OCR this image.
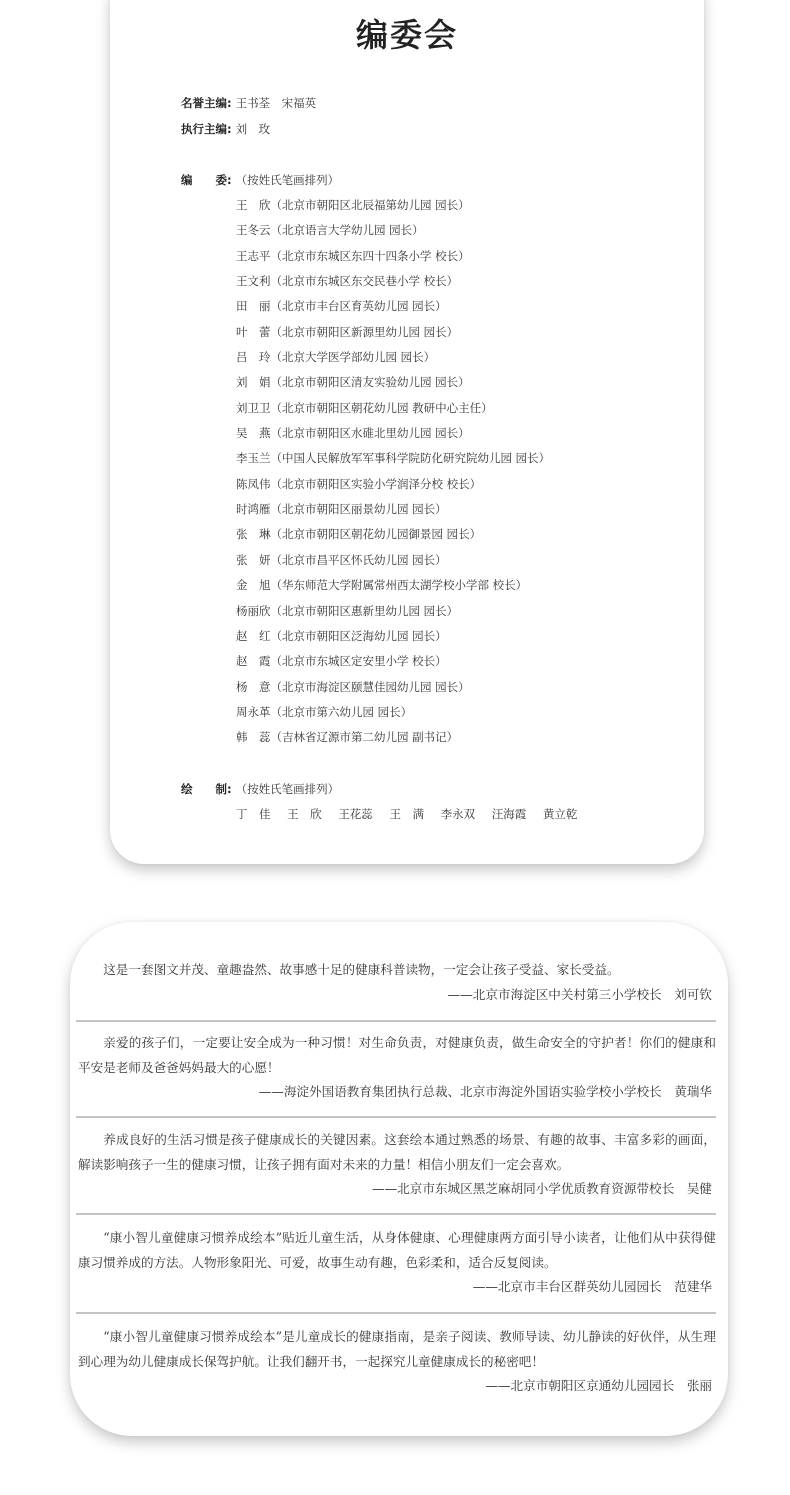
编委会
名誉主编: 王书荃　宋福英
执行主编: 刘　玫
编　　委: （按姓氏笔画排列）
王　欣（北京市朝阳区北辰福第幼儿园 园长）
王冬云（北京语言大学幼儿园 园长）
王志平（北京市东城区东四十四条小学 校长）
王文利（北京市东城区东交民巷小学 校长）
田　丽（北京市丰台区育英幼儿园 园长）
叶　蕾（北京市朝阳区新源里幼儿园 园长）
吕　玲（北京大学医学部幼儿园 园长）
刘　娟（北京市朝阳区清友实验幼儿园 园长）
刘卫卫（北京市朝阳区朝花幼儿园 教研中心主任）
吴　燕（北京市朝阳区水碓北里幼儿园 园长）
李玉兰（中国人民解放军军事科学院防化研究院幼儿园 园长）
陈凤伟（北京市朝阳区实验小学润泽分校 校长）
时鸿雁（北京市朝阳区丽景幼儿园 园长）
张　琳（北京市朝阳区朝花幼儿园御景园 园长）
张　妍（北京市昌平区怀氏幼儿园 园长）
金　旭（华东师范大学附属常州西太湖学校小学部 校长）
杨丽欣（北京市朝阳区惠新里幼儿园 园长）
赵　红（北京市朝阳区泛海幼儿园 园长）
赵　霞（北京市东城区定安里小学 校长）
杨　意（北京市海淀区颐慧佳园幼儿园 园长）
周永革（北京市第六幼儿园 园长）
韩　蕊（吉林省辽源市第二幼儿园 副书记）
绘　　制: （按姓氏笔画排列）
丁　佳 王　欣 王花蕊 王　满 李永双 汪海霞 黄立乾

这是一套图文并茂、童趣盎然、故事感十足的健康科普读物，一定会让孩子受益、家长受益。

——北京市海淀区中关村第三小学校长　刘可钦

亲爱的孩子们，一定要让安全成为一种习惯！对生命负责，对健康负责，做生命安全的守护者！你们的健康和平安是老师及爸爸妈妈最大的心愿！

——海淀外国语教育集团执行总裁、北京市海淀外国语实验学校小学校长　黄瑞华

养成良好的生活习惯是孩子健康成长的关键因素。这套绘本通过熟悉的场景、有趣的故事、丰富多彩的画面，解读影响孩子一生的健康习惯，让孩子拥有面对未来的力量！相信小朋友们一定会喜欢。

——北京市东城区黑芝麻胡同小学优质教育资源带校长　吴健

“康小智儿童健康习惯养成绘本”贴近儿童生活，从身体健康、心理健康两方面引导小读者，让他们从中获得健康习惯养成的方法。人物形象阳光、可爱，故事生动有趣，色彩柔和，适合反复阅读。

——北京市丰台区群英幼儿园园长　范建华

“康小智儿童健康习惯养成绘本”是儿童成长的健康指南，是亲子阅读、教师导读、幼儿静读的好伙伴，从生理到心理为幼儿健康成长保驾护航。让我们翻开书，一起探究儿童健康成长的秘密吧！

——北京市朝阳区京通幼儿园园长　张丽
